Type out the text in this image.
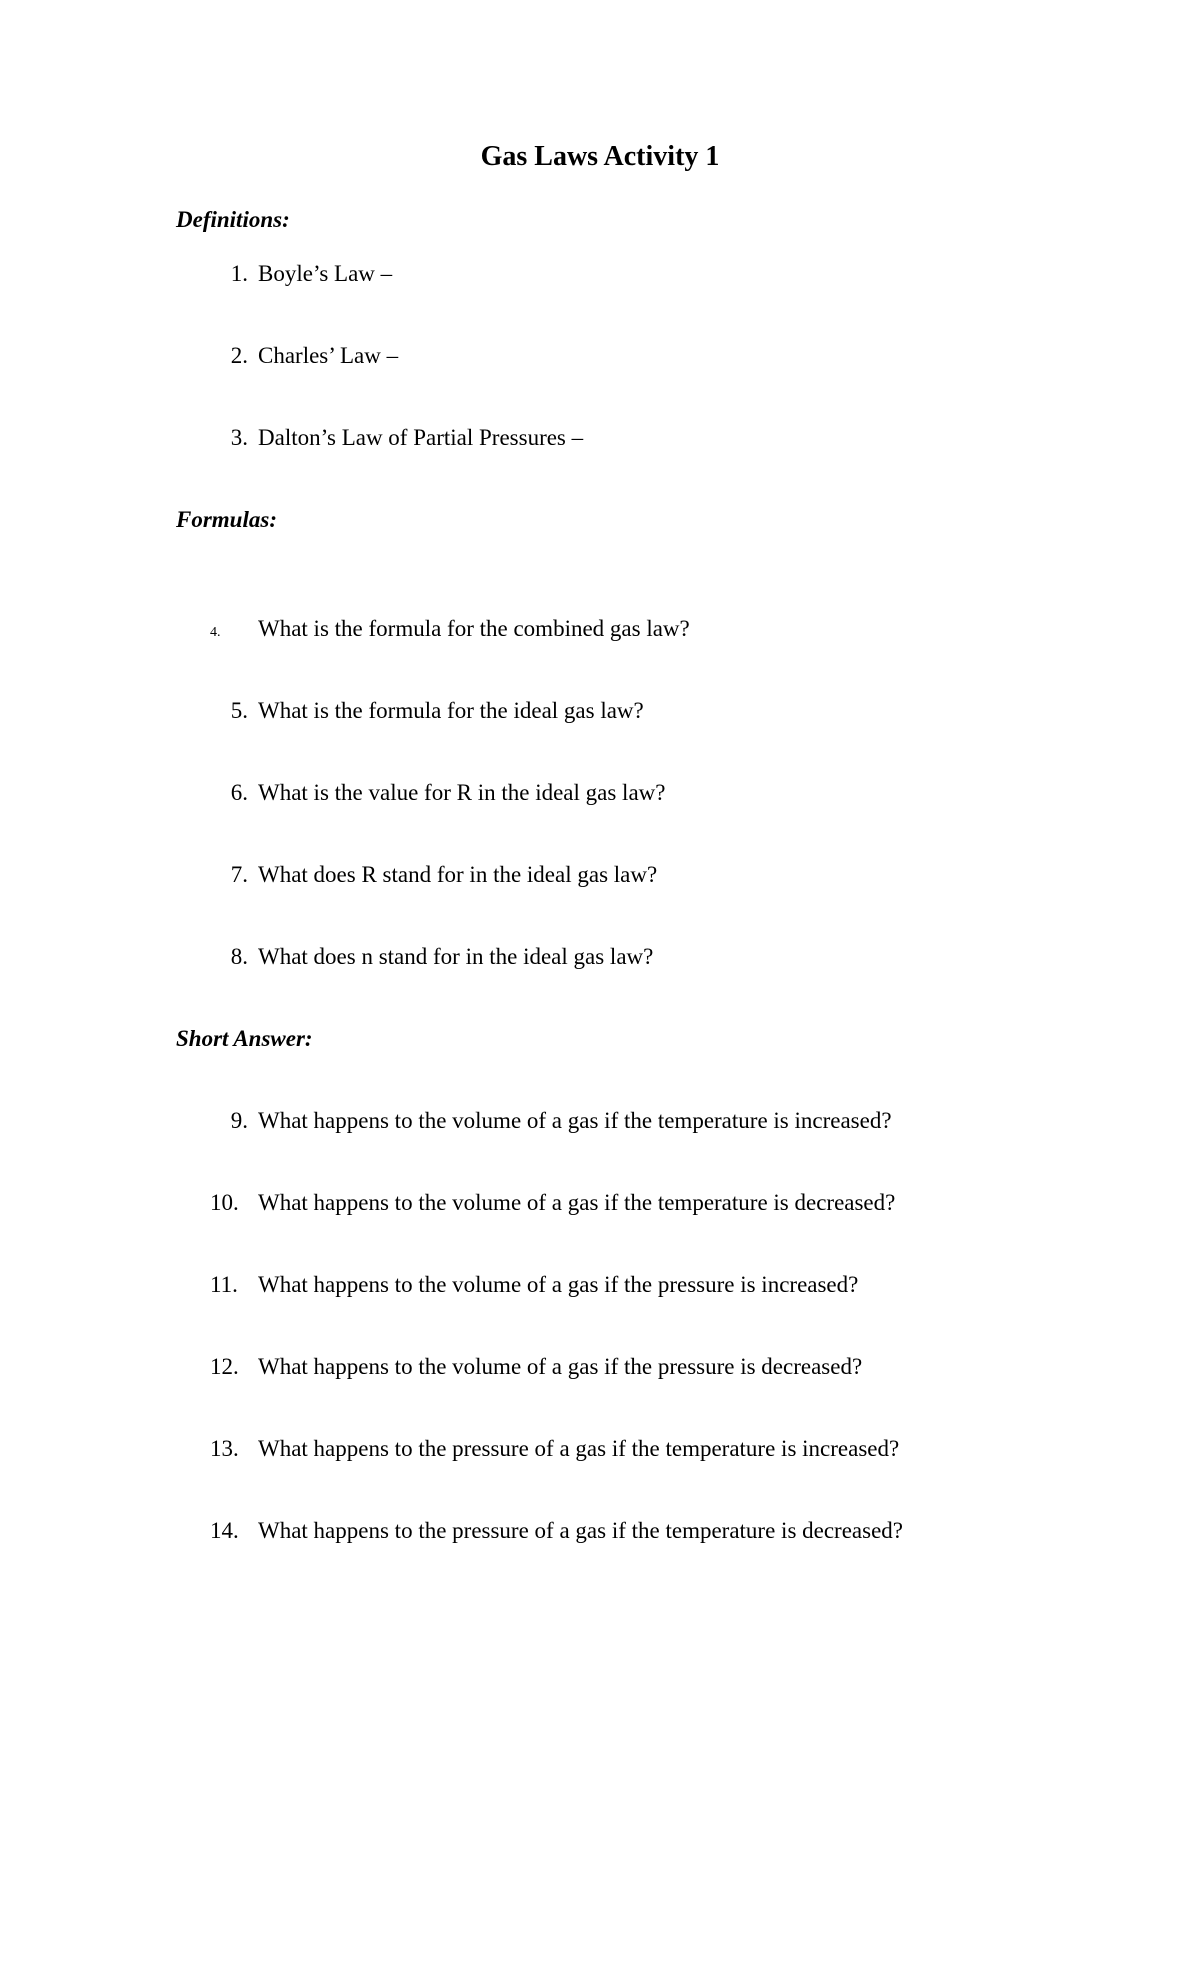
Gas Laws Activity 1
Definitions:
1. Boyle’s Law –
2. Charles’ Law –
3. Dalton’s Law of Partial Pressures –
Formulas:
4. What is the formula for the combined gas law?
5. What is the formula for the ideal gas law?
6. What is the value for R in the ideal gas law?
7. What does R stand for in the ideal gas law?
8. What does n stand for in the ideal gas law?
Short Answer:
9. What happens to the volume of a gas if the temperature is increased?
10. What happens to the volume of a gas if the temperature is decreased?
11. What happens to the volume of a gas if the pressure is increased?
12. What happens to the volume of a gas if the pressure is decreased?
13. What happens to the pressure of a gas if the temperature is increased?
14. What happens to the pressure of a gas if the temperature is decreased?
